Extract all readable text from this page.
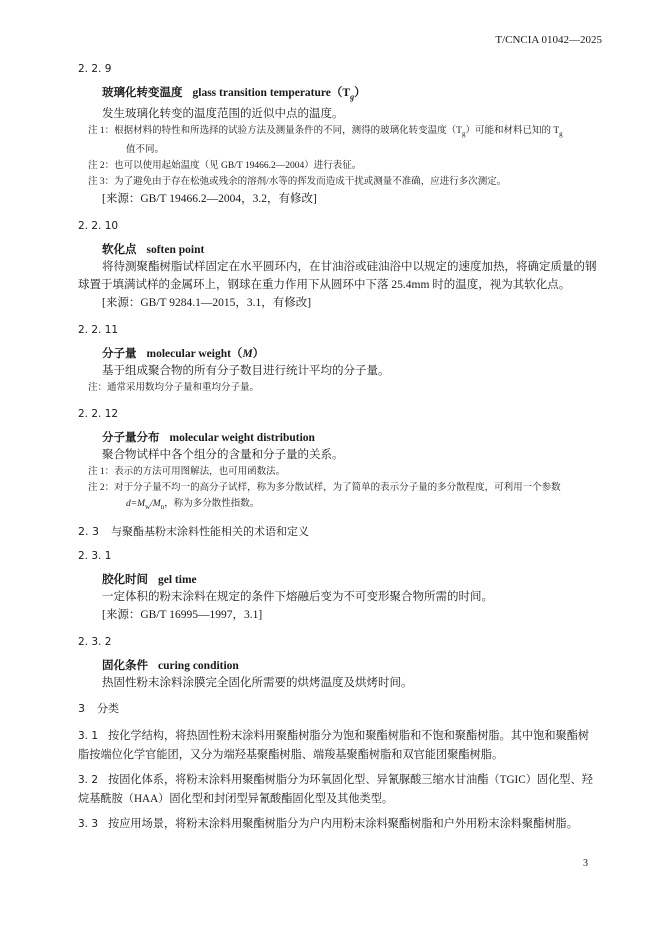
T/CNCIA 01042—2025

2. 2. 9

玻璃化转变温度 glass transition $temperature(T_g)$

发生玻璃化转变的温度范围的近似中点的温度。

注 1：根据材料的特性和所选择的试验方法及测量条件的不同，测得的玻璃化转变温度$(T_g)$可能和材料已知的 $T_g$

值不同。

注 2：也可以使用起始温度（见 GB/T 19466.2—2004）进行表征。

注 3：为了避免由于存在松弛或残余的溶剂/水等的挥发而造成干扰或测量不准确，应进行多次测定。

[来源：GB/T 19466.2—2004，3.2，有修改]

2. 2. 10

软化点 soften point

将待测聚酯树脂试样固定在水平圆环内，在甘油浴或硅油浴中以规定的速度加热，将确定质量的钢球置于填满试样的金属环上，钢球在重力作用下从圆环中下落 25.4mm 时的温度，视为其软化点。

[来源：GB/T 9284.1—2015，3.1，有修改]

2. 2. 11

分子量 molecular weight（M）

基于组成聚合物的所有分子数目进行统计平均的分子量。

注：通常采用数均分子量和重均分子量。

2. 2. 12

分子量分布 molecular weight distribution

聚合物试样中各个组分的含量和分子量的关系。

注 1：表示的方法可用图解法，也可用函数法。

注 2：对于分子量不均一的高分子试样，称为多分散试样，为了简单的表示分子量的多分散程度，可利用一个参数

$d=M_w/M_n$，称为多分散性指数。

2. 3 与聚酯基粉末涂料性能相关的术语和定义

2. 3. 1

胶化时间 gel time

一定体积的粉末涂料在规定的条件下熔融后变为不可变形聚合物所需的时间。

[来源：GB/T 16995—1997，3.1]

2. 3. 2

固化条件 curing condition

热固性粉末涂料涂膜完全固化所需要的烘烤温度及烘烤时间。

3 分类

3. 1 按化学结构，将热固性粉末涂料用聚酯树脂分为饱和聚酯树脂和不饱和聚酯树脂。其中饱和聚酯树脂按端位化学官能团，又分为端羟基聚酯树脂、端羧基聚酯树脂和双官能团聚酯树脂。

3. 2 按固化体系，将粉末涂料用聚酯树脂分为环氧固化型、异氰脲酸三缩水甘油酯（TGIC）固化型、羟烷基酰胺（HAA）固化型和封闭型异氰酸酯固化型及其他类型。

3. 3 按应用场景，将粉末涂料用聚酯树脂分为户内用粉末涂料聚酯树脂和户外用粉末涂料聚酯树脂。

3
